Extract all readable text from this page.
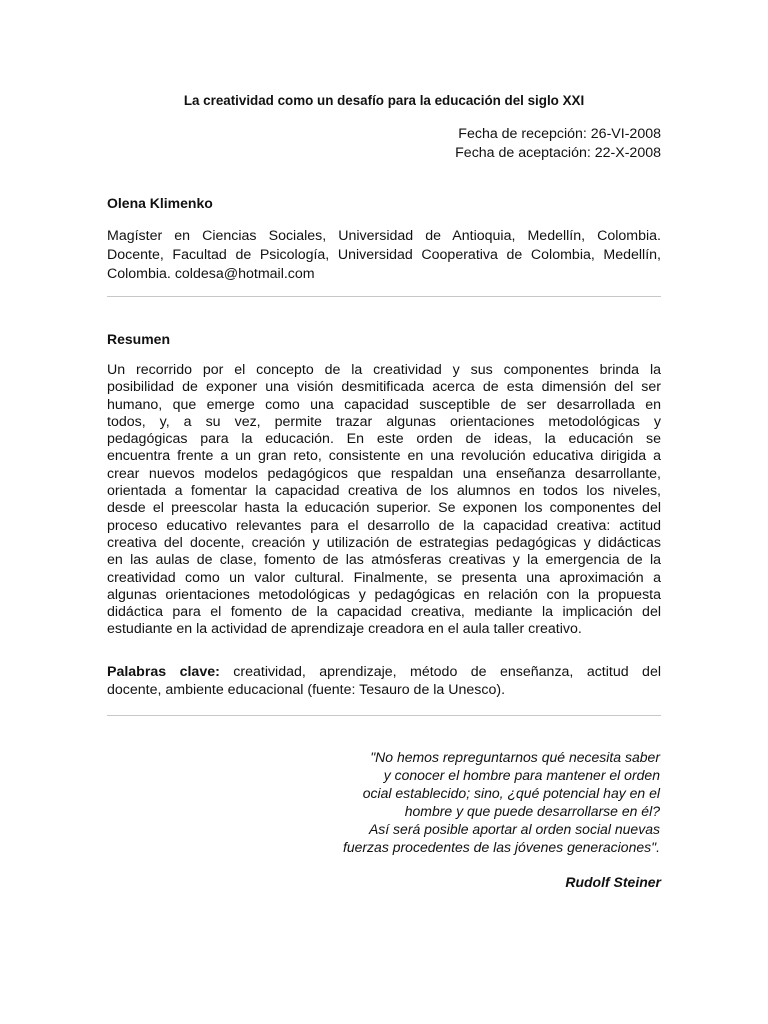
La creatividad como un desafío para la educación del siglo XXI
Fecha de recepción: 26-VI-2008
Fecha de aceptación: 22-X-2008
Olena Klimenko
Magíster en Ciencias Sociales, Universidad de Antioquia, Medellín, Colombia.
Docente, Facultad de Psicología, Universidad Cooperativa de Colombia, Medellín,
Colombia. coldesa@hotmail.com
Resumen
Un recorrido por el concepto de la creatividad y sus componentes brinda la
posibilidad de exponer una visión desmitificada acerca de esta dimensión del ser
humano, que emerge como una capacidad susceptible de ser desarrollada en
todos, y, a su vez, permite trazar algunas orientaciones metodológicas y
pedagógicas para la educación. En este orden de ideas, la educación se
encuentra frente a un gran reto, consistente en una revolución educativa dirigida a
crear nuevos modelos pedagógicos que respaldan una enseñanza desarrollante,
orientada a fomentar la capacidad creativa de los alumnos en todos los niveles,
desde el preescolar hasta la educación superior. Se exponen los componentes del
proceso educativo relevantes para el desarrollo de la capacidad creativa: actitud
creativa del docente, creación y utilización de estrategias pedagógicas y didácticas
en las aulas de clase, fomento de las atmósferas creativas y la emergencia de la
creatividad como un valor cultural. Finalmente, se presenta una aproximación a
algunas orientaciones metodológicas y pedagógicas en relación con la propuesta
didáctica para el fomento de la capacidad creativa, mediante la implicación del
estudiante en la actividad de aprendizaje creadora en el aula taller creativo.
Palabras clave: creatividad, aprendizaje, método de enseñanza, actitud del
docente, ambiente educacional (fuente: Tesauro de la Unesco).
"No hemos repreguntarnos qué necesita saber
y conocer el hombre para mantener el orden
ocial establecido; sino, ¿qué potencial hay en el
hombre y que puede desarrollarse en él?
Así será posible aportar al orden social nuevas
fuerzas procedentes de las jóvenes generaciones".
Rudolf Steiner
